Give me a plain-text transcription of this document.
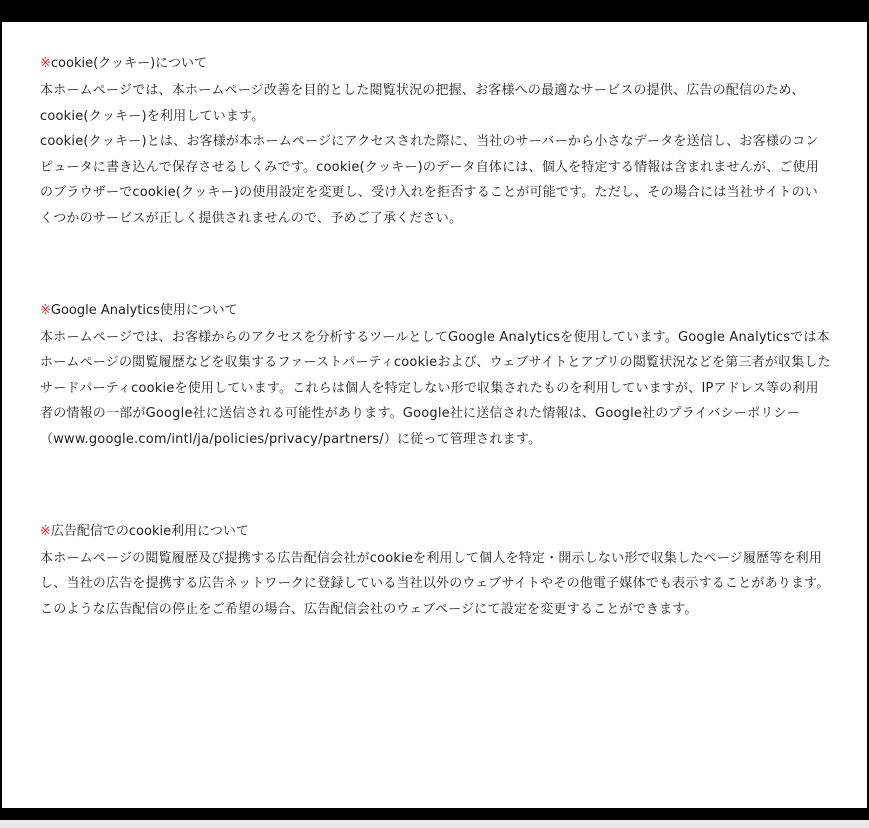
※cookie(クッキー)について

本ホームページでは、本ホームページ改善を目的とした閲覧状況の把握、お客様への最適なサービスの提供、広告の配信のため、cookie(クッキー)を利用しています。

cookie(クッキー)とは、お客様が本ホームページにアクセスされた際に、当社のサーバーから小さなデータを送信し、お客様のコンピュータに書き込んで保存させるしくみです。cookie(クッキー)のデータ自体には、個人を特定する情報は含まれませんが、ご使用のブラウザーでcookie(クッキー)の使用設定を変更し、受け入れを拒否することが可能です。ただし、その場合には当社サイトのいくつかのサービスが正しく提供されませんので、予めご了承ください。

※Google Analytics使用について

本ホームページでは、お客様からのアクセスを分析するツールとしてGoogle Analyticsを使用しています。Google Analyticsでは本ホームページの閲覧履歴などを収集するファーストパーティcookieおよび、ウェブサイトとアプリの閲覧状況などを第三者が収集したサードパーティcookieを使用しています。これらは個人を特定しない形で収集されたものを利用していますが、IPアドレス等の利用者の情報の一部がGoogle社に送信される可能性があります。Google社に送信された情報は、Google社のプライバシーポリシー（www.google.com/intl/ja/policies/privacy/partners/）に従って管理されます。

※広告配信でのcookie利用について

本ホームページの閲覧履歴及び提携する広告配信会社がcookieを利用して個人を特定・開示しない形で収集したページ履歴等を利用し、当社の広告を提携する広告ネットワークに登録している当社以外のウェブサイトやその他電子媒体でも表示することがあります。 このような広告配信の停止をご希望の場合、広告配信会社のウェブページにて設定を変更することができます。
